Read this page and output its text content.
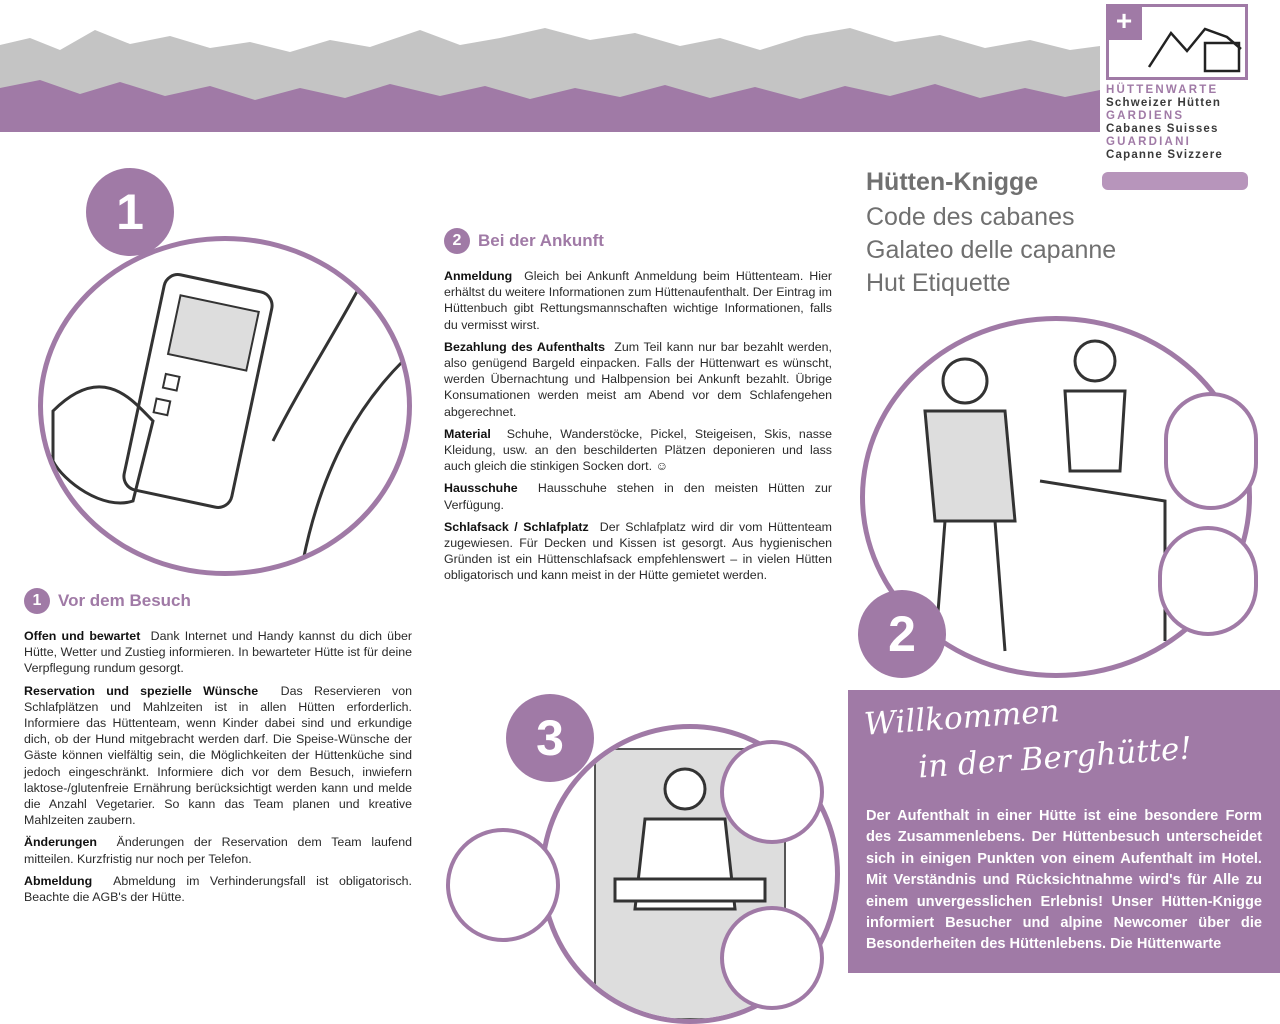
+
HÜTTENWARTE
Schweizer Hütten
GARDIENS
Cabanes Suisses
GUARDIANI
Capanne Svizzere
Hütten-Knigge
Code des cabanes
Galateo delle capanne
Hut Etiquette
1
2
3
1 Vor dem Besuch

Offen und bewartet Dank Internet und Handy kannst du dich über Hütte, Wetter und Zustieg informieren. In bewarteter Hütte ist für deine Verpflegung rundum gesorgt.

Reservation und spezielle Wünsche Das Reservieren von Schlafplätzen und Mahlzeiten ist in allen Hütten erforderlich. Informiere das Hüttenteam, wenn Kinder dabei sind und erkundige dich, ob der Hund mitgebracht werden darf. Die Speise-Wünsche der Gäste können vielfältig sein, die Möglichkeiten der Hüttenküche sind jedoch eingeschränkt. Informiere dich vor dem Besuch, inwiefern laktose-/glutenfreie Ernährung berücksichtigt werden kann und melde die Anzahl Vegetarier. So kann das Team planen und kreative Mahlzeiten zaubern.

Änderungen Änderungen der Reservation dem Team laufend mitteilen. Kurzfristig nur noch per Telefon.

Abmeldung Abmeldung im Verhinderungsfall ist obligatorisch. Beachte die AGB's der Hütte.

2 Bei der Ankunft

Anmeldung Gleich bei Ankunft Anmeldung beim Hüttenteam. Hier erhältst du weitere Informationen zum Hüttenaufenthalt. Der Eintrag im Hüttenbuch gibt Rettungsmannschaften wichtige Informationen, falls du vermisst wirst.

Bezahlung des Aufenthalts Zum Teil kann nur bar bezahlt werden, also genügend Bargeld einpacken. Falls der Hüttenwart es wünscht, werden Übernachtung und Halbpension bei Ankunft bezahlt. Übrige Konsumationen werden meist am Abend vor dem Schlafengehen abgerechnet.

Material Schuhe, Wanderstöcke, Pickel, Steigeisen, Skis, nasse Kleidung, usw. an den beschilderten Plätzen deponieren und lass auch gleich die stinkigen Socken dort. ☺

Hausschuhe Hausschuhe stehen in den meisten Hütten zur Verfügung.

Schlafsack / Schlafplatz Der Schlafplatz wird dir vom Hüttenteam zugewiesen. Für Decken und Kissen ist gesorgt. Aus hygienischen Gründen ist ein Hüttenschlafsack empfehlenswert – in vielen Hütten obligatorisch und kann meist in der Hütte gemietet werden.

Willkommen
in der Berghütte!
Der Aufenthalt in einer Hütte ist eine besondere Form des Zusammenlebens. Der Hüttenbesuch unterscheidet sich in einigen Punkten von einem Aufenthalt im Hotel. Mit Verständnis und Rücksichtnahme wird's für Alle zu einem unvergesslichen Erlebnis! Unser Hütten-Knigge informiert Besucher und alpine Newcomer über die Besonderheiten des Hüttenlebens. Die Hüttenwarte
